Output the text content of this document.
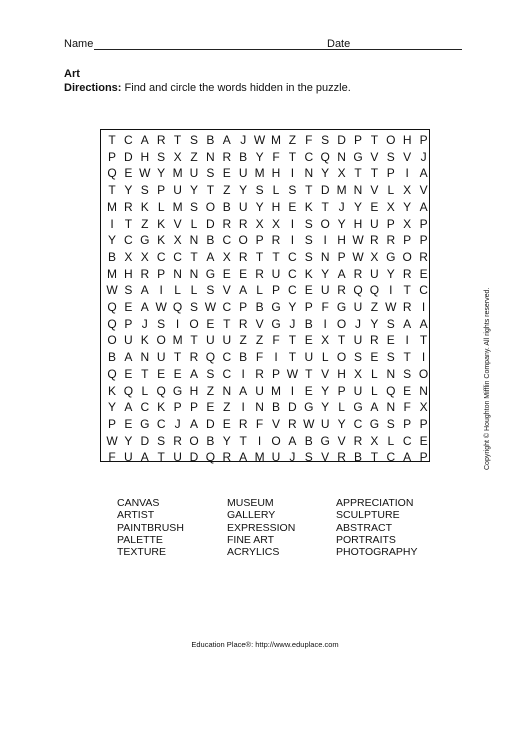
Name	Date
Art
Directions: Find and circle the words hidden in the puzzle.
T C A R T S B A J W M Z F S D P T O H P
P D H S X Z N R B Y F T C Q N G V S V J
Q E W Y M U S E U M H I N Y X T T P I A
T Y S P U Y T Z Y S L S T D M N V L X V
M R K L M S O B U Y H E K T J Y E X Y A
I T Z K V L D R R X X I S O Y H U P X P
Y C G K X N B C O P R I S I H W R R P P
B X X C C T A X R T T C S N P W X G O R
M H R P N N G E E R U C K Y A R U Y R E
W S A I L L S V A L P C E U R Q Q I T C
Q E A W Q S W C P B G Y P F G U Z W R I
Q P J S I O E T R V G J B I O J Y S A A
O U K O M T U U Z Z F T E X T U R E I T
B A N U T R Q C B F I T U L O S E S T I
Q E T E E A S C I R P W T V H X L N S O
K Q L Q G H Z N A U M I E Y P U L Q E N
Y A C K P P E Z I N B D G Y L G A N F X
P E G C J A D E R F V R W U Y C G S P P
W Y D S R O B Y T I O A B G V R X L C E
F U A T U D Q R A M U J S V R B T C A P
CANVAS
ARTIST
PAINTBRUSH
PALETTE
TEXTURE
MUSEUM
GALLERY
EXPRESSION
FINE ART
ACRYLICS
APPRECIATION
SCULPTURE
ABSTRACT
PORTRAITS
PHOTOGRAPHY
Copyright © Houghton Mifflin Company. All rights reserved.
Education Place®: http://www.eduplace.com
